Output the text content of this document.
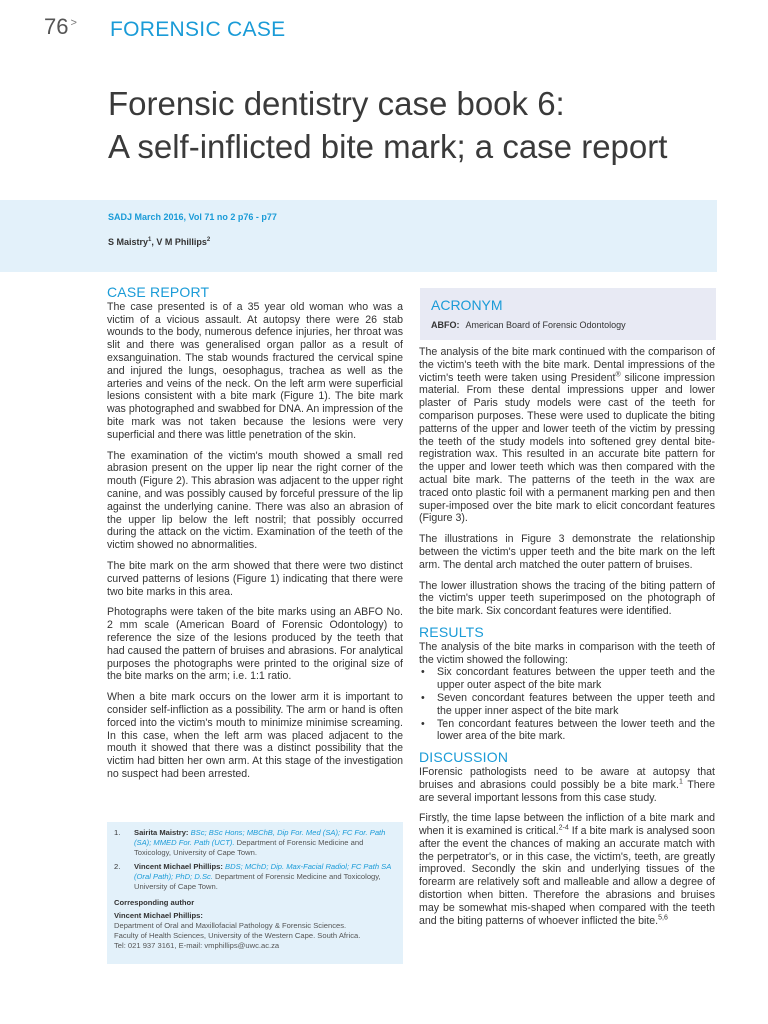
76 > FORENSIC CASE
Forensic dentistry case book 6:
A self-inflicted bite mark; a case report
SADJ March 2016, Vol 71 no 2 p76 - p77
S Maistry$^1$, V M Phillips$^2$
CASE REPORT

The case presented is of a 35 year old woman who was a victim of a vicious assault. At autopsy there were 26 stab wounds to the body, numerous defence injuries, her throat was slit and there was generalised organ pallor as a result of exsanguination. The stab wounds fractured the cervical spine and injured the lungs, oesophagus, trachea as well as the arteries and veins of the neck. On the left arm were superficial lesions consistent with a bite mark (Figure 1). The bite mark was photographed and swabbed for DNA. An impression of the bite mark was not taken because the lesions were very superficial and there was little penetration of the skin.

The examination of the victim's mouth showed a small red abrasion present on the upper lip near the right corner of the mouth (Figure 2). This abrasion was adjacent to the upper right canine, and was possibly caused by forceful pressure of the lip against the underlying canine. There was also an abrasion of the upper lip below the left nostril; that possibly occurred during the attack on the victim. Examination of the teeth of the victim showed no abnormalities.

The bite mark on the arm showed that there were two distinct curved patterns of lesions (Figure 1) indicating that there were two bite marks in this area.

Photographs were taken of the bite marks using an ABFO No. 2 mm scale (American Board of Forensic Odontology) to reference the size of the lesions produced by the teeth that had caused the pattern of bruises and abrasions. For analytical purposes the photographs were printed to the original size of the bite marks on the arm; i.e. 1:1 ratio.

When a bite mark occurs on the lower arm it is important to consider self-infliction as a possibility. The arm or hand is often forced into the victim's mouth to minimize minimise screaming. In this case, when the left arm was placed adjacent to the mouth it showed that there was a distinct possibility that the victim had bitten her own arm. At this stage of the investigation no suspect had been arrested.

ACRONYM
ABFO: American Board of Forensic Odontology

The analysis of the bite mark continued with the comparison of the victim's teeth with the bite mark. Dental impressions of the victim's teeth were taken using President® silicone impression material. From these dental impressions upper and lower plaster of Paris study models were cast of the teeth for comparison purposes. These were used to duplicate the biting patterns of the upper and lower teeth of the victim by pressing the teeth of the study models into softened grey dental bite-registration wax. This resulted in an accurate bite pattern for the upper and lower teeth which was then compared with the actual bite mark. The patterns of the teeth in the wax are traced onto plastic foil with a permanent marking pen and then super-imposed over the bite mark to elicit concordant features (Figure 3).

The illustrations in Figure 3 demonstrate the relationship between the victim's upper teeth and the bite mark on the left arm. The dental arch matched the outer pattern of bruises.

The lower illustration shows the tracing of the biting pattern of the victim's upper teeth superimposed on the photograph of the bite mark. Six concordant features were identified.

RESULTS
The analysis of the bite marks in comparison with the teeth of the victim showed the following:
• Six concordant features between the upper teeth and the upper outer aspect of the bite mark
• Seven concordant features between the upper teeth and the upper inner aspect of the bite mark
• Ten concordant features between the lower teeth and the lower area of the bite mark.
DISCUSSION

IForensic pathologists need to be aware at autopsy that bruises and abrasions could possibly be a bite mark.$^1$ There are several important lessons from this case study.

Firstly, the time lapse between the infliction of a bite mark and when it is examined is critical.$^{2-4}$ If a bite mark is analysed soon after the event the chances of making an accurate match with the perpetrator's, or in this case, the victim's, teeth, are greatly improved. Secondly the skin and underlying tissues of the forearm are relatively soft and malleable and allow a degree of distortion when bitten. Therefore the abrasions and bruises may be somewhat mis-shaped when compared with the teeth and the biting patterns of whoever inflicted the bite.$^{5,6}$

1. Sairita Maistry: BSc; BSc Hons; MBChB, Dip For. Med (SA); FC For. Path (SA); MMED For. Path (UCT). Department of Forensic Medicine and Toxicology, University of Cape Town.
2. Vincent Michael Phillips: BDS; MChD; Dip. Max-Facial Radiol; FC Path SA (Oral Path); PhD; D.Sc. Department of Forensic Medicine and Toxicology, University of Cape Town.
Corresponding author
Vincent Michael Phillips:
Department of Oral and Maxillofacial Pathology & Forensic Sciences.
Faculty of Health Sciences, University of the Western Cape. South Africa.
Tel: 021 937 3161, E-mail: vmphillips@uwc.ac.za
